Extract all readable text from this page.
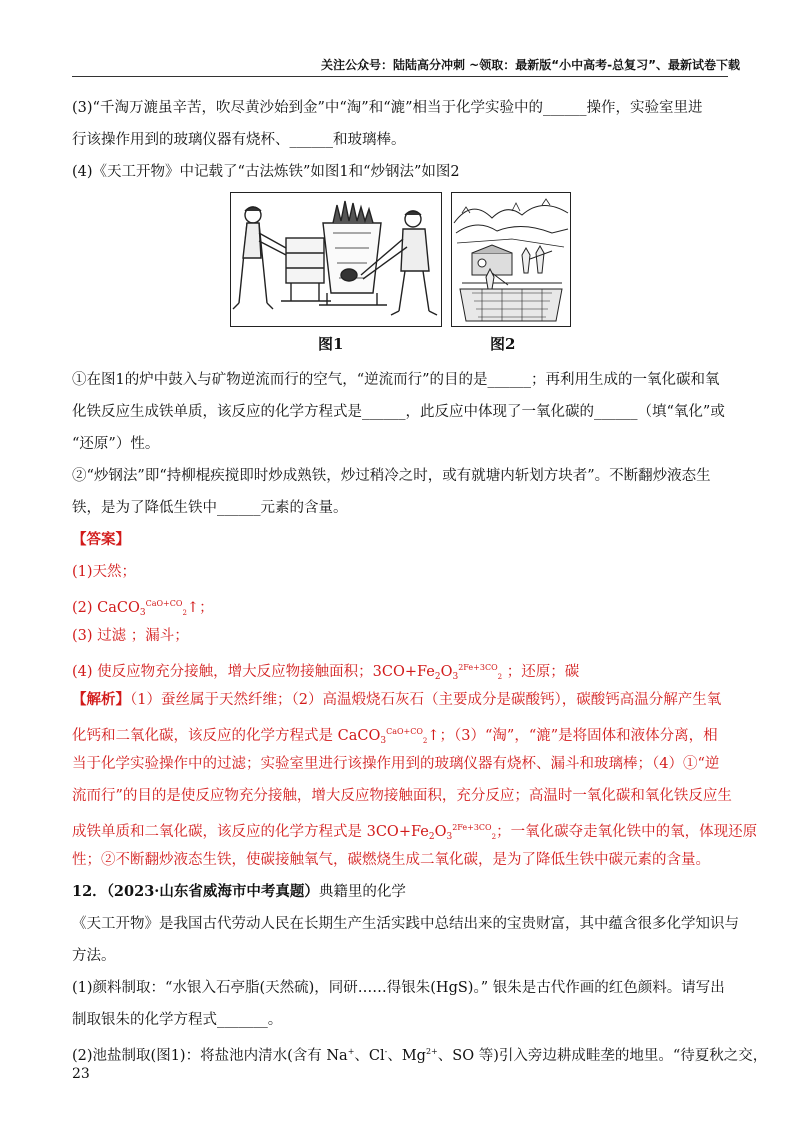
关注公众号：陆陆高分冲刺 ~领取：最新版“小中高考-总复习”、最新试卷下载
(3)“千淘万漉虽辛苦，吹尽黄沙始到金”中“淘”和“漉”相当于化学实验中的______操作，实验室里进
行该操作用到的玻璃仪器有烧杯、______和玻璃棒。
(4)《天工开物》中记载了“古法炼铁”如图1和“炒钢法”如图2
图1	图2
①在图1的炉中鼓入与矿物逆流而行的空气，“逆流而行”的目的是______；再利用生成的一氧化碳和氧
化铁反应生成铁单质，该反应的化学方程式是______，此反应中体现了一氧化碳的______（填“氧化”或
“还原”）性。
②“炒钢法”即“持柳棍疾搅即时炒成熟铁，炒过稍冷之时，或有就塘内斩划方块者”。不断翻炒液态生
铁，是为了降低生铁中______元素的含量。
【答案】
(1)天然；
(2) CaCO$_3^{CaO+CO}_2$↑；
(3) 过滤 ；漏斗；
(4) 使反应物充分接触，增大反应物接触面积；$3CO+Fe_2O_3^{2Fe+3CO}_2$ ；还原；碳
【解析】（1）蚕丝属于天然纤维；（2）高温煅烧石灰石（主要成分是碳酸钙），碳酸钙高温分解产生氧
化钙和二氧化碳，该反应的化学方程式是 CaCO$_3^{CaO+CO}_2$↑；（3）“淘”，“漉”是将固体和液体分离，相
当于化学实验操作中的过滤；实验室里进行该操作用到的玻璃仪器有烧杯、漏斗和玻璃棒；（4）①“逆
流而行”的目的是使反应物充分接触，增大反应物接触面积，充分反应；高温时一氧化碳和氧化铁反应生
成铁单质和二氧化碳，该反应的化学方程式是 $3CO+Fe_2O_3^{2Fe+3CO}_2$；一氧化碳夺走氧化铁中的氧，体现还原
性；②不断翻炒液态生铁，使碳接触氧气，碳燃烧生成二氧化碳，是为了降低生铁中碳元素的含量。
12．（2023·山东省威海市中考真题）典籍里的化学
《天工开物》是我国古代劳动人民在长期生产生活实践中总结出来的宝贵财富，其中蕴含很多化学知识与
方法。
(1)颜料制取：“水银入石亭脂(天然硫)，同研……得银朱(HgS)。” 银朱是古代作画的红色颜料。请写出
制取银朱的化学方程式_______。
(2)池盐制取(图1)：将盐池内清水(含有 Na+、Cl-、$Mg^{2+}$、SO 等)引入旁边耕成畦垄的地里。“待夏秋之交，
23
